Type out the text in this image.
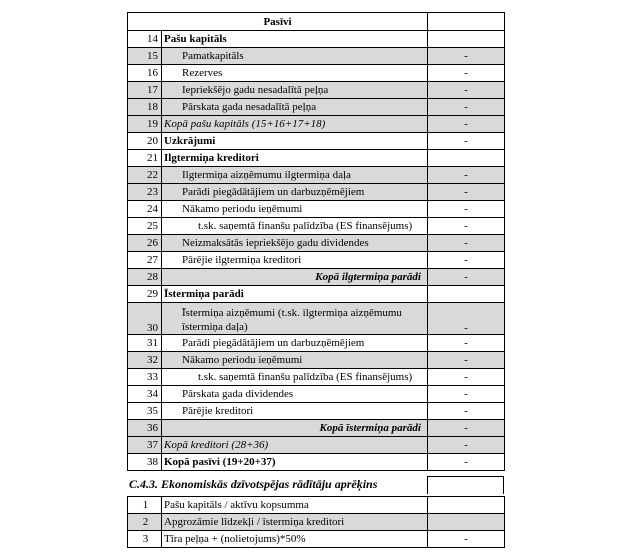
Pasīvi		
14	Pašu kapitāls	
15	Pamatkapitāls	-
16	Rezerves	-
17	Iepriekšējo gadu nesadalītā peļņa	-
18	Pārskata gada nesadalītā peļņa	-
19	Kopā pašu kapitāls (15+16+17+18)	-
20	Uzkrājumi	-
21	Ilgtermiņa kreditori	
22	Ilgtermiņa aizņēmumu ilgtermiņa daļa	-
23	Parādi piegādātājiem un darbuzņēmējiem	-
24	Nākamo periodu ieņēmumi	-
25	t.sk. saņemtā finanšu palīdzība (ES finansējums)	-
26	Neizmaksātās iepriekšējo gadu dividendes	-
27	Pārējie ilgtermiņa kreditori	-
28	Kopā ilgtermiņa parādi	-
29	Īstermiņa parādi	
30	Īstermiņa aizņēmumi (t.sk. ilgtermiņa aizņēmumu īstermiņa daļa)	-
31	Parādi piegādātājiem un darbuzņēmējiem	-
32	Nākamo periodu ieņēmumi	-
33	t.sk. saņemtā finanšu palīdzība (ES finansējums)	-
34	Pārskata gada dividendes	-
35	Pārējie kreditori	-
36	Kopā īstermiņa parādi	-
37	Kopā kreditori (28+36)	-
38	Kopā pasīvi (19+20+37)	-
C.4.3. Ekonomiskās dzīvotspējas rādītāju aprēķins
1	Pašu kapitāls / aktīvu kopsumma	
2	Apgrozāmie līdzekļi / īstermiņa kreditori	
3	Tīra peļņa + (nolietojums)*50%	-
